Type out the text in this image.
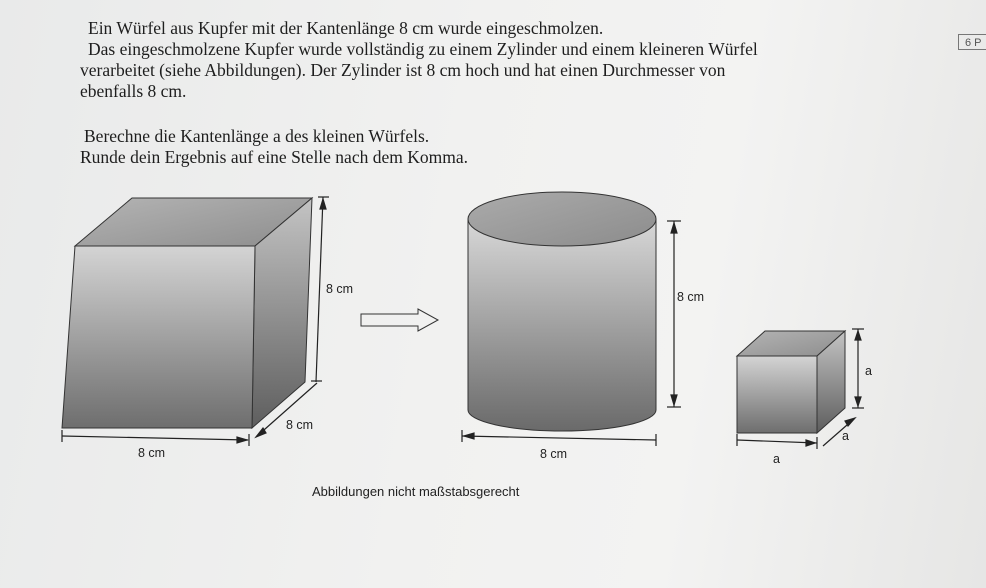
Ein Würfel aus Kupfer mit der Kantenlänge 8 cm wurde eingeschmolzen.

Das eingeschmolzene Kupfer wurde vollständig zu einem Zylinder und einem kleineren Würfel

verarbeitet (siehe Abbildungen). Der Zylinder ist 8 cm hoch und hat einen Durchmesser von

ebenfalls 8 cm.

Berechne die Kantenlänge a des kleinen Würfels.

Runde dein Ergebnis auf eine Stelle nach dem Komma.

6 P
8 cm
8 cm
8 cm
8 cm
8 cm
a
a
a
Abbildungen nicht maßstabsgerecht
